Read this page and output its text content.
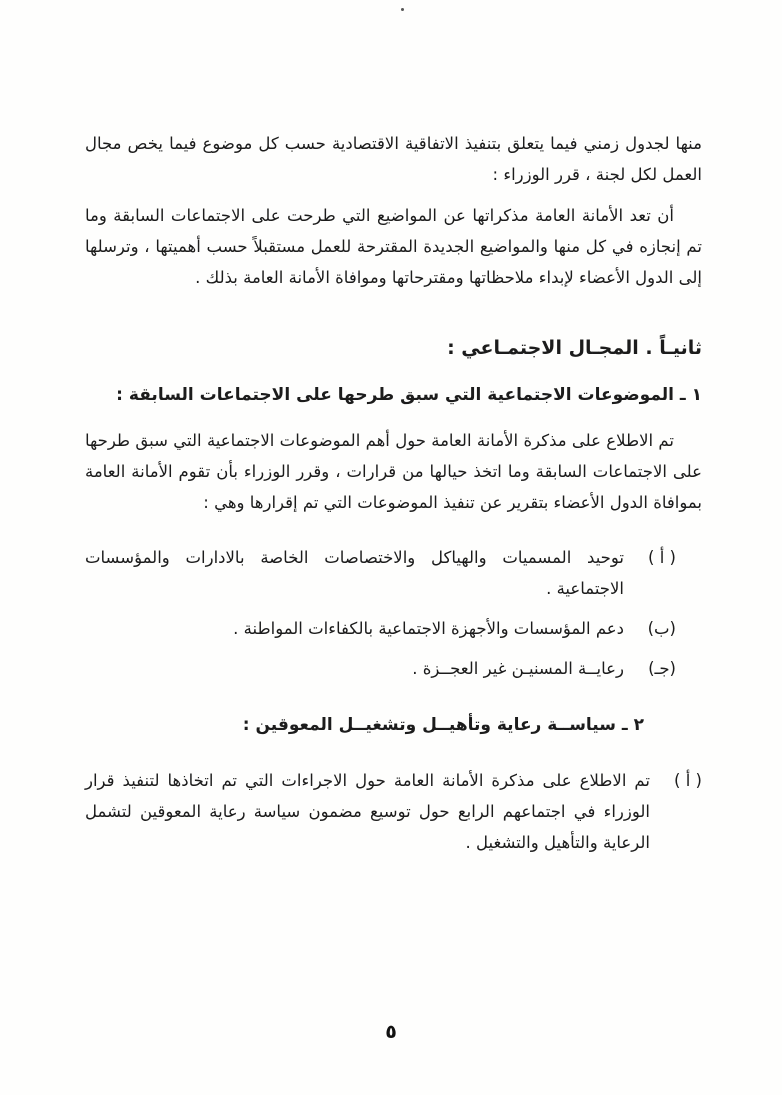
منها لجدول زمني فيما يتعلق بتنفيذ الاتفاقية الاقتصادية حسب كل موضوع فيما يخص مجال العمل لكل لجنة ، قرر الوزراء :

أن تعد الأمانة العامة مذكراتها عن المواضيع التي طرحت على الاجتماعات السابقة وما تم إنجازه في كل منها والمواضيع الجديدة المقترحة للعمل مستقبلاً حسب أهميتها ، وترسلها إلى الدول الأعضاء لإبداء ملاحظاتها ومقترحاتها وموافاة الأمانة العامة بذلك .

ثانيـاً . المجـال الاجتمـاعي :
١ ـ الموضوعات الاجتماعية التي سبق طرحها على الاجتماعات السابقة :

تم الاطلاع على مذكرة الأمانة العامة حول أهم الموضوعات الاجتماعية التي سبق طرحها على الاجتماعات السابقة وما اتخذ حيالها من قرارات ، وقرر الوزراء بأن تقوم الأمانة العامة بموافاة الدول الأعضاء بتقرير عن تنفيذ الموضوعات التي تم إقرارها وهي :

( أ )
توحيد المسميات والهياكل والاختصاصات الخاصة بالادارات والمؤسسات الاجتماعية .
(ب)
دعم المؤسسات والأجهزة الاجتماعية بالكفاءات المواطنة .
(جـ)
رعايــة المسنيـن غير العجــزة .
٢ ـ سياســة رعاية وتأهيــل وتشغيــل المعوقين :
( أ )
تم الاطلاع على مذكرة الأمانة العامة حول الاجراءات التي تم اتخاذها لتنفيذ قرار الوزراء في اجتماعهم الرابع حول توسيع مضمون سياسة رعاية المعوقين لتشمل الرعاية والتأهيل والتشغيل .
٥
